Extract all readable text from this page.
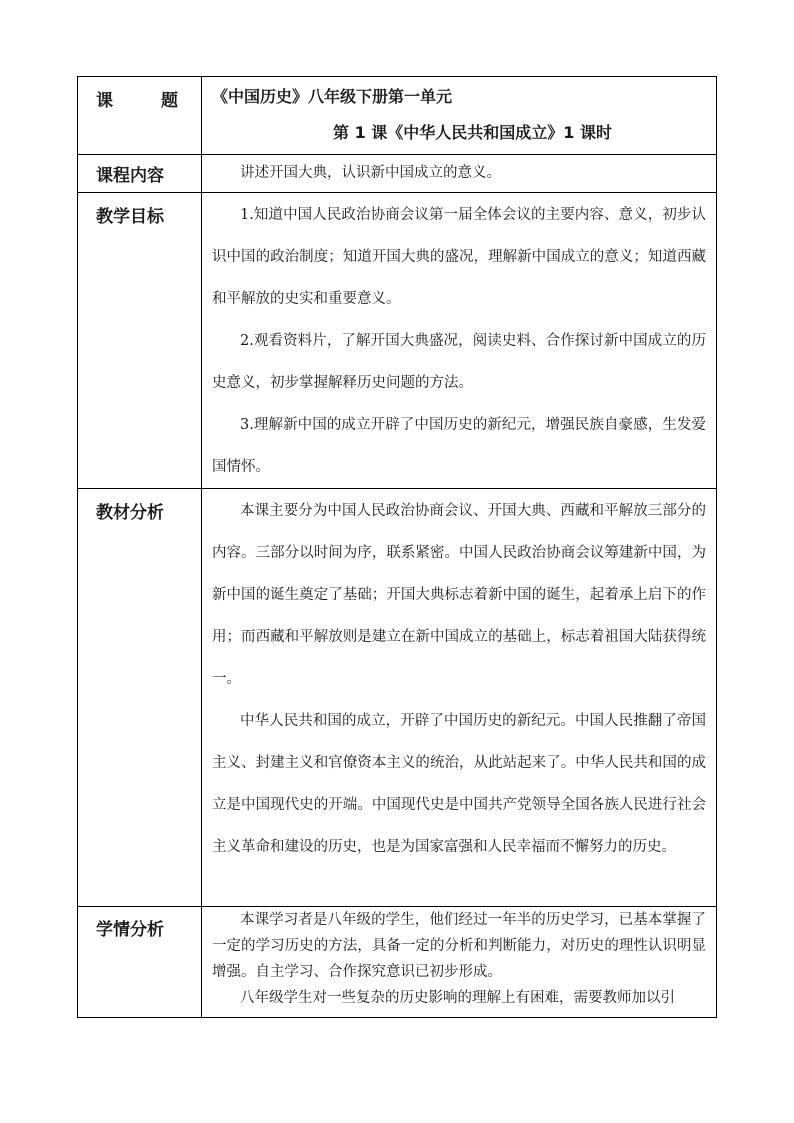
课 题	《中国历史》八年级下册第一单元
第 1 课《中华人民共和国成立》1 课时

课程内容	讲述开国大典，认识新中国成立的意义。

教学目标	1.知道中国人民政治协商会议第一届全体会议的主要内容、意义，初步认识中国的政治制度；知道开国大典的盛况，理解新中国成立的意义；知道西藏和平解放的史实和重要意义。

2.观看资料片，了解开国大典盛况，阅读史料、合作探讨新中国成立的历史意义，初步掌握解释历史问题的方法。

3.理解新中国的成立开辟了中国历史的新纪元，增强民族自豪感，生发爱国情怀。

教材分析	本课主要分为中国人民政治协商会议、开国大典、西藏和平解放三部分的内容。三部分以时间为序，联系紧密。中国人民政治协商会议筹建新中国，为新中国的诞生奠定了基础；开国大典标志着新中国的诞生，起着承上启下的作用；而西藏和平解放则是建立在新中国成立的基础上，标志着祖国大陆获得统一。

中华人民共和国的成立，开辟了中国历史的新纪元。中国人民推翻了帝国主义、封建主义和官僚资本主义的统治，从此站起来了。中华人民共和国的成立是中国现代史的开端。中国现代史是中国共产党领导全国各族人民进行社会主义革命和建设的历史，也是为国家富强和人民幸福而不懈努力的历史。

学情分析	本课学习者是八年级的学生，他们经过一年半的历史学习，已基本掌握了一定的学习历史的方法，具备一定的分析和判断能力，对历史的理性认识明显增强。自主学习、合作探究意识已初步形成。

八年级学生对一些复杂的历史影响的理解上有困难，需要教师加以引
